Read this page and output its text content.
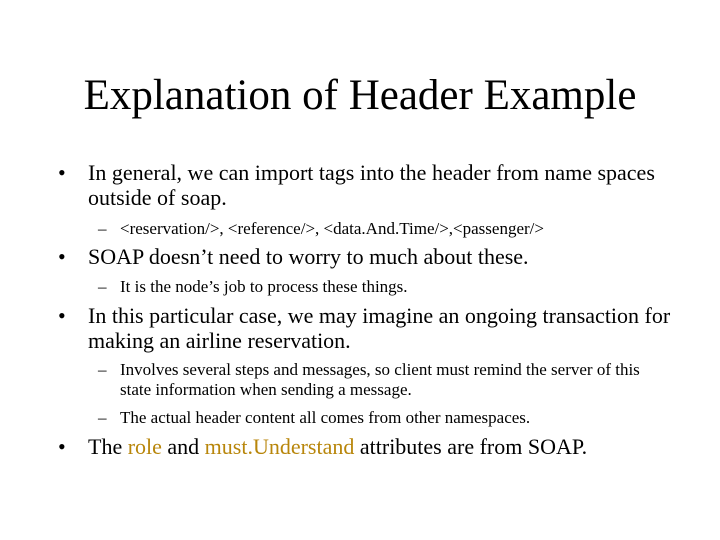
Explanation of Header Example
•	In general, we can import tags into the header from name spaces outside of soap.
– <reservation/>, <reference/>, <data.And.Time/>,<passenger/>
•	SOAP doesn’t need to worry to much about these.
– It is the node’s job to process these things.
•	In this particular case, we may imagine an ongoing transaction for making an airline reservation.
– Involves several steps and messages, so client must remind the server of this state information when sending a message.
– The actual header content all comes from other namespaces.
•	The role and must.Understand attributes are from SOAP.
